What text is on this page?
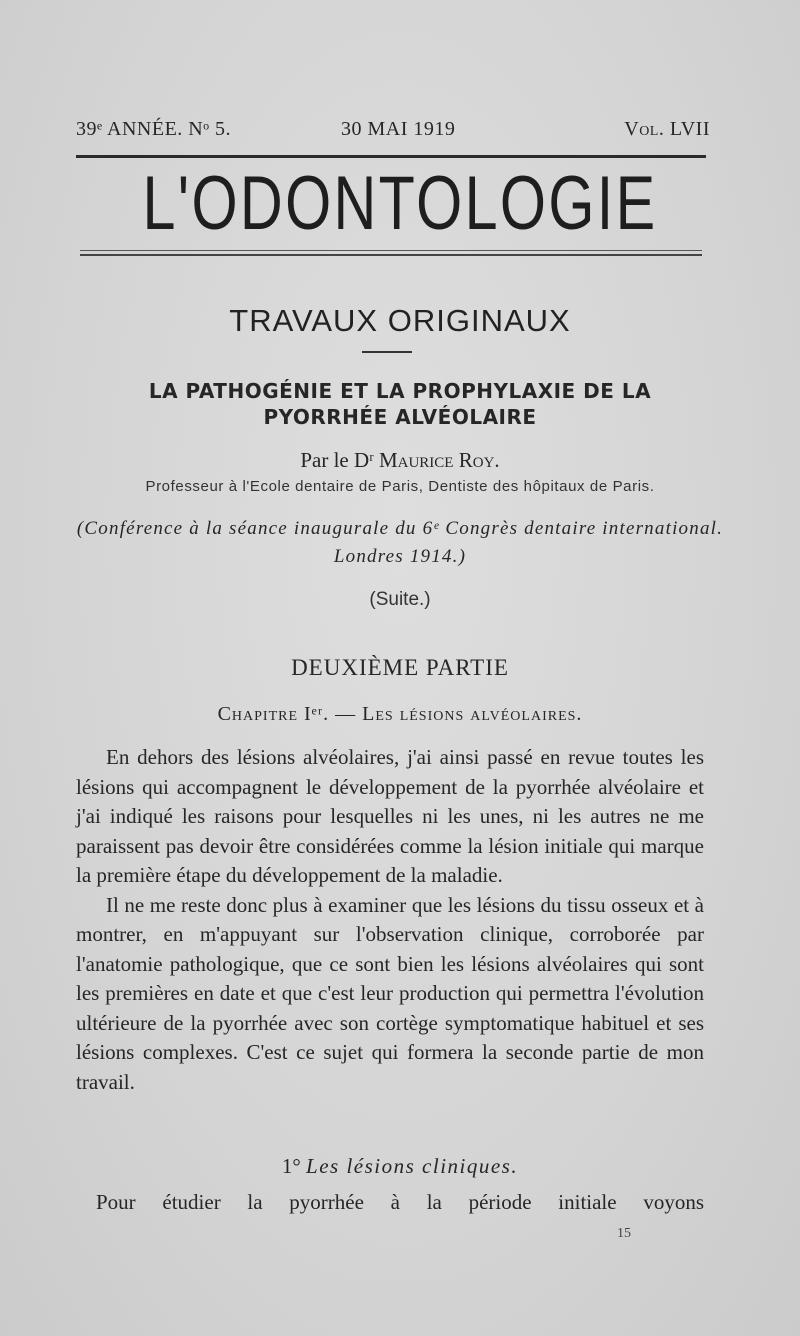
39ᵉ ANNÉE. Nᵒ 5.	30 MAI 1919	Vol. LVII
L'ODONTOLOGIE
TRAVAUX ORIGINAUX
LA PATHOGÉNIE ET LA PROPHYLAXIE DE LA
PYORRHÉE ALVÉOLAIRE
Par le Dʳ Maurice Roy.
Professeur à l'Ecole dentaire de Paris, Dentiste des hôpitaux de Paris.
(Conférence à la séance inaugurale du 6ᵉ Congrès dentaire international. Londres 1914.)
(Suite.)
DEUXIÈME PARTIE
Chapitre Iᵉʳ. — Les lésions alvéolaires.

En dehors des lésions alvéolaires, j'ai ainsi passé en revue toutes les lésions qui accompagnent le développement de la pyorrhée alvéolaire et j'ai indiqué les raisons pour lesquelles ni les unes, ni les autres ne me paraissent pas devoir être considérées comme la lésion initiale qui marque la première étape du développement de la maladie.

Il ne me reste donc plus à examiner que les lésions du tissu osseux et à montrer, en m'appuyant sur l'observation clinique, corroborée par l'anatomie pathologique, que ce sont bien les lésions alvéolaires qui sont les premières en date et que c'est leur production qui permettra l'évolution ultérieure de la pyorrhée avec son cortège symptomatique habituel et ses lésions complexes. C'est ce sujet qui formera la seconde partie de mon travail.

1° Les lésions cliniques.
Pour étudier la pyorrhée à la période initiale voyons
15
